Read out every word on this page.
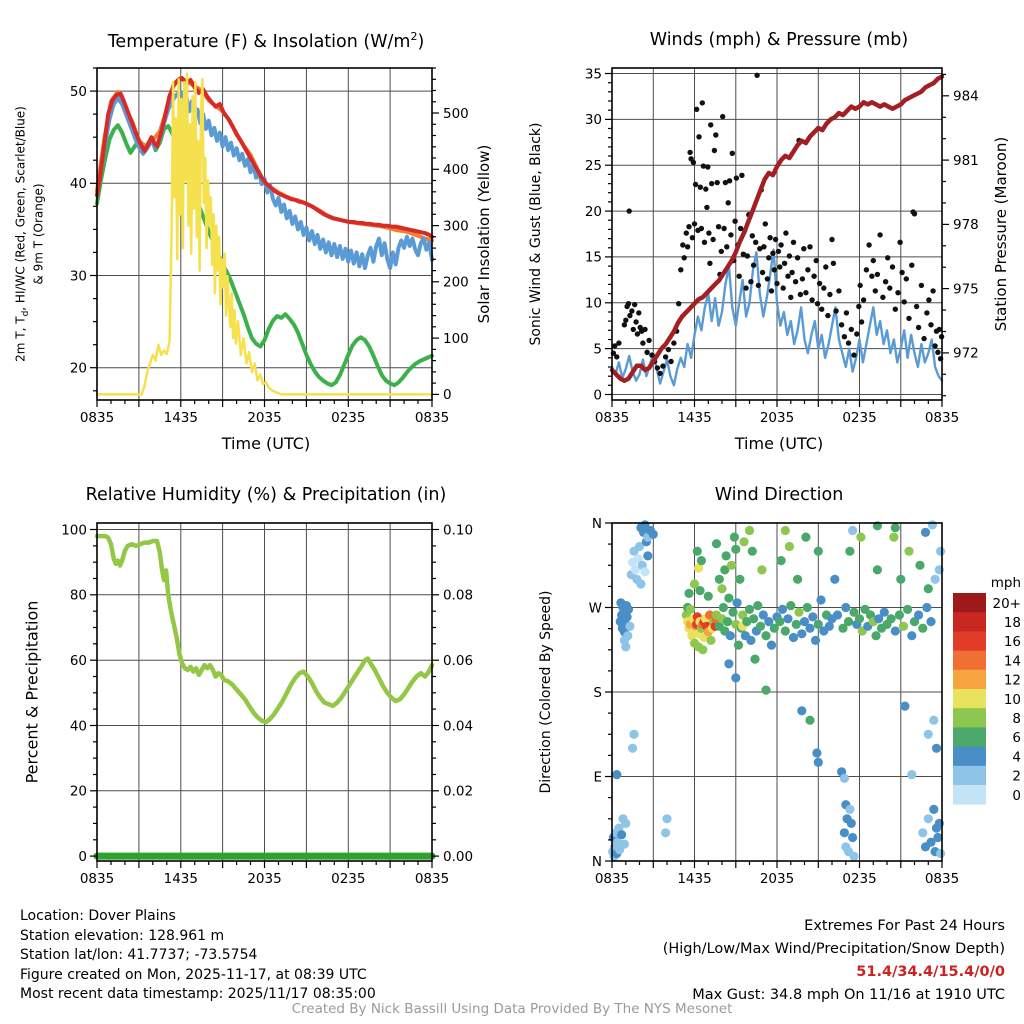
0835	1435	2035	0235	0835
20
30
40
50
0
100
200
300
400
500
0835	1435	2035	0235	0835
0
5
10
15
20
25
30
35
972
975
978
981
984
0835	1435	2035	0235	0835
0
20
40
60
80
100
0.00
0.02
0.04
0.06
0.08
0.10
0835	1435	2035	0235	0835
N
E
S
W
N
mph
20+
18
16
14
12
10
8
6
4
2
0
Temperature (F) & Insolation $(W/m^2)$	Winds (mph) & Pressure (mb)
Relative Humidity (%) & Precipitation (in)	Wind Direction
Time (UTC)	Time (UTC)
2m T, $T_d$, HI/WC (Red, Green, Scarlet/Blue) & 9m T (Orange)	Solar Insolation (Yellow)	Sonic Wind & Gust (Blue, Black)	Station Pressure (Maroon)
Percent & Precipitation	Direction (Colored By Speed)
Location: Dover Plains
Station elevation: 128.961 m
Station lat/lon: 41.7737; -73.5754
Figure created on Mon, 2025-11-17, at 08:39 UTC
Most recent data timestamp: 2025/11/17 08:35:00
Extremes For Past 24 Hours
(High/Low/Max Wind/Precipitation/Snow Depth)
51.4/34.4/15.4/0/0
Max Gust: 34.8 mph On 11/16 at 1910 UTC
Created By Nick Bassill Using Data Provided By The NYS Mesonet
